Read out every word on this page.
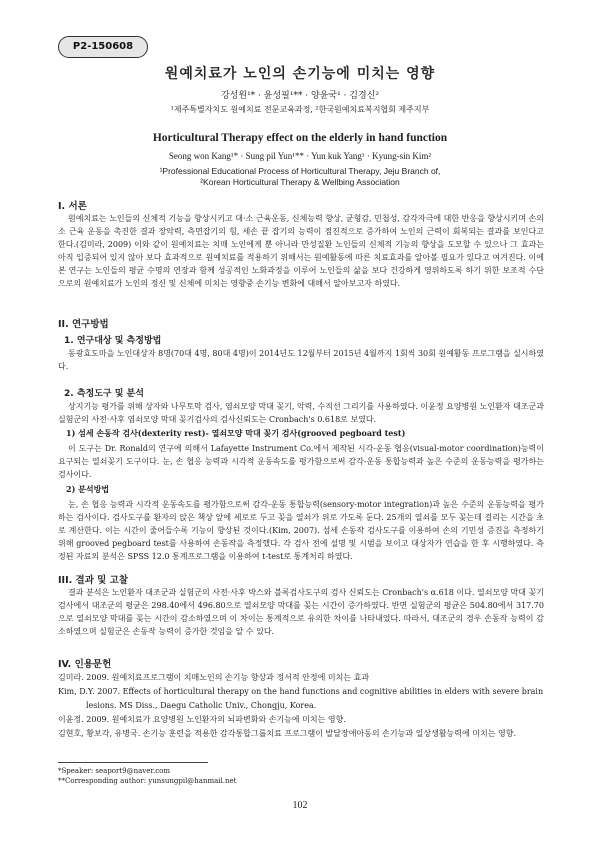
P2-150608
원예치료가 노인의 손기능에 미치는 영향
강성원¹* · 윤성필¹** · 양윤국¹ · 김경신²
¹제주특별자치도 원예치료 전문교육과정, ²한국원예치료복지협회 제주지부
Horticultural Therapy effect on the elderly in hand function
Seong won Kang¹* · Sung pil Yun¹** · Yun kuk Yang¹ · Kyung-sin Kim²
¹Professional Educational Process of Horticultural Therapy, Jeju Branch of,
²Korean Horticultural Therapy & Wellbing Association
I. 서론

원예치료는 노인들의 신체적 기능을 향상시키고 대·소 근육운동, 신체능력 향상, 균형감, 민첩성, 감각자극에 대한 반응을 향상시키며 손의 소 근육 운동을 촉진한 결과 장악력, 측면잡기의 힘, 세손 끝 잡기의 능력이 점진적으로 증가하여 노인의 근력이 회복되는 결과를 보인다고 한다.(김미라, 2009) 이와 같이 원예치료는 치매 노인에게 뿐 아니라 만성질환 노인들의 신체적 기능의 향상을 도모할 수 있으나 그 효과는 아직 입증되어 있지 않아 보다 효과적으로 원예치료를 적용하기 위해서는 원예활동에 따른 치료효과를 알아볼 필요가 있다고 여겨진다. 이에 본 연구는 노인들의 평균 수명의 연장과 함께 성공적인 노화과정을 이루어 노인들의 삶을 보다 건강하게 영위하도록 하기 위한 보조적 수단으로의 원예치료가 노인의 정신 및 신체에 미치는 영향중 손기능 변화에 대해서 알아보고자 하였다.

II. 연구방법
1. 연구대상 및 측정방법

동광효도마을 노인대상자 8명(70대 4명, 80대 4명)이 2014년도 12월부터 2015년 4월까지 1회씩 30회 원예활동 프로그램을 실시하였다.

2. 측정도구 및 분석

상지기능 평가를 위해 상자와 나무토막 검사, 염쇠모양 막대 꽂기, 악력, 수직선 그리기를 사용하였다. 이윤정 요양병원 노인환자 대조군과 실험군의 사전·사후 염쇠모양 막대 꽂기검사의 검사신뢰도는 Cronbach's 0.618로 보였다.

1) 섬세 손동작 검사(dexterity rest)- 열쇠모양 막대 꽂기 검사(grooved pegboard test)

이 도구는 Dr. Ronald의 연구에 의해서 Lafayette Instrument Co.에서 제작된 시각-운동 협응(visual-motor coordination)능력이 요구되는 열쇠꽂기 도구이다. 눈, 손 협응 능력과 시각적 운동속도를 평가함으로써 감각-운동 통합능력과 높은 수준의 운동능력을 평가하는 검사이다.

2) 분석방법

눈, 손 협응 능력과 시각적 운동속도를 평가함으로써 감각-운동 통합능력(sensory-motor integration)과 높은 수준의 운동능력을 평가하는 검사이다. 검사도구를 환자의 앉은 책상 앞에 세로로 두고 꽂을 열쇠가 위로 가도록 둔다. 25개의 열쇠를 모두 꽂는데 걸리는 시간을 초로 계산한다. 이는 시간이 줄어들수록 기능이 향상된 것이다.(Kim, 2007). 섬세 손동작 검사도구를 이용하여 손의 기민성 증진을 측정하기 위해 grooved pegboard test를 사용하여 손동작을 측정했다. 각 검사 전에 설명 및 시범을 보이고 대상자가 연습을 한 후 시행하였다. 측정된 자료의 분석은 SPSS 12.0 통계프로그램을 이용하여 t-test로 통계처리 하였다.

III. 결과 및 고찰

결과 분석은 노인환자 대조군과 실험군의 사전·사후 박스와 블록검사도구의 검사 신뢰도는 Cronbach's α.618 이다. 열쇠모양 막대 꽂기검사에서 대조군의 평균은 298.40에서 496.80으로 열쇠모양 막대를 꽂는 시간이 증가하였다. 반면 실험군의 평균은 504.80에서 317.70으로 열쇠모양 막대를 꽂는 시간이 감소하였으며 이 차이는 통계적으로 유의한 차이를 나타내었다. 따라서, 대조군의 경우 손동작 능력이 감소하였으며 실험군은 손동작 능력이 증가한 것임을 알 수 있다.

IV. 인용문헌

김미라. 2009. 원예치료프로그램이 치매노인의 손기능 향상과 정서적 안정에 미치는 효과

Kim, D.Y. 2007. Effects of horticultural therapy on the hand functions and cognitive abilities in elders with severe brain

lesions. MS Diss., Daegu Catholic Univ., Chongju, Korea.

이윤정. 2009. 원예치료가 요양병원 노인환자의 뇌파변화와 손기능에 미치는 영향.

김현호, 황보각, 유병국. 손기능 훈련을 적용한 감각통합그룹치료 프로그램이 발달장애아동의 손기능과 일상생활능력에 미치는 영향.

*Speaker: seaport9@naver.com
**Corresponding author: yunsungpil@hanmail.net
102
